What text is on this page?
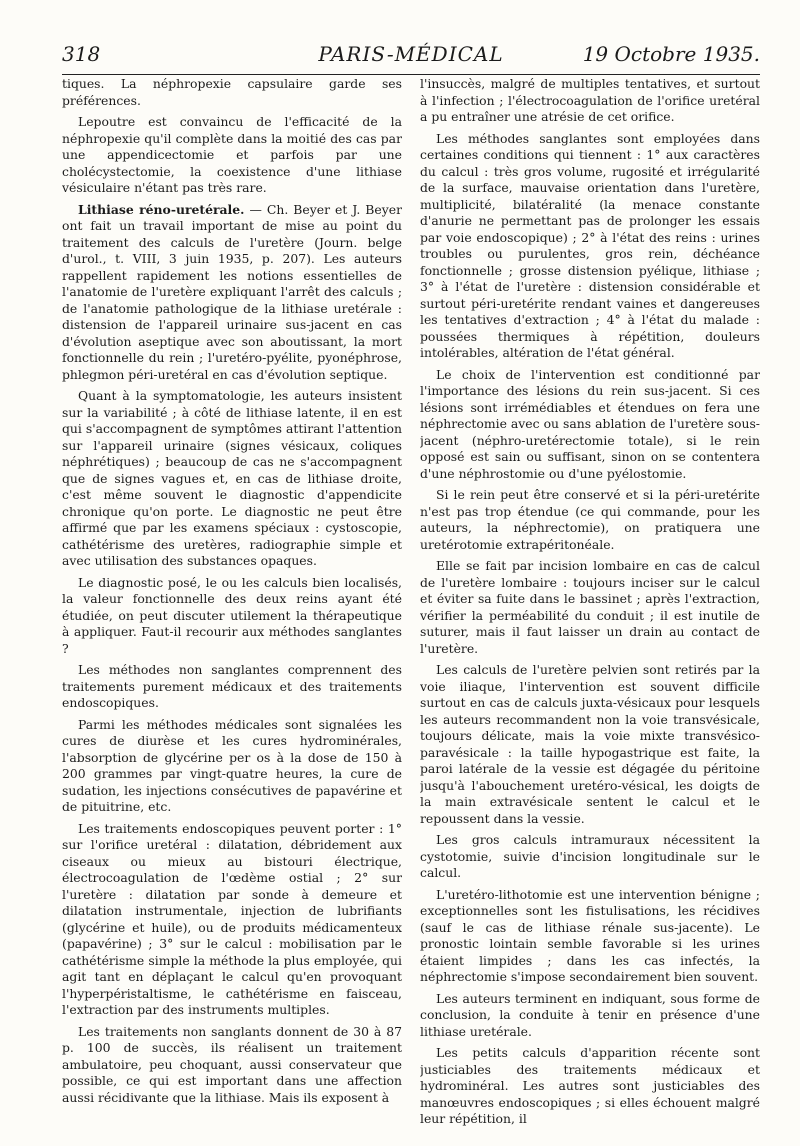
318	PARIS-MÉDICAL	19 Octobre 1935.

tiques. La néphropexie capsulaire garde ses préférences.

Lepoutre est convaincu de l'efficacité de la néphropexie qu'il complète dans la moitié des cas par une appendicectomie et parfois par une cholécystectomie, la coexistence d'une lithiase vésiculaire n'étant pas très rare.

Lithiase réno-uretérale. — Ch. Beyer et J. Beyer ont fait un travail important de mise au point du traitement des calculs de l'uretère (Journ. belge d'urol., t. VIII, 3 juin 1935, p. 207). Les auteurs rappellent rapidement les notions essentielles de l'anatomie de l'uretère expliquant l'arrêt des calculs ; de l'anatomie pathologique de la lithiase uretérale : distension de l'appareil urinaire sus-jacent en cas d'évolution aseptique avec son aboutissant, la mort fonctionnelle du rein ; l'uretéro-pyélite, pyonéphrose, phlegmon péri-uretéral en cas d'évolution septique.

Quant à la symptomatologie, les auteurs insistent sur la variabilité ; à côté de lithiase latente, il en est qui s'accompagnent de symptômes attirant l'attention sur l'appareil urinaire (signes vésicaux, coliques néphrétiques) ; beaucoup de cas ne s'accompagnent que de signes vagues et, en cas de lithiase droite, c'est même souvent le diagnostic d'appendicite chronique qu'on porte. Le diagnostic ne peut être affirmé que par les examens spéciaux : cystoscopie, cathétérisme des uretères, radiographie simple et avec utilisation des substances opaques.

Le diagnostic posé, le ou les calculs bien localisés, la valeur fonctionnelle des deux reins ayant été étudiée, on peut discuter utilement la thérapeutique à appliquer. Faut-il recourir aux méthodes sanglantes ?

Les méthodes non sanglantes comprennent des traitements purement médicaux et des traitements endoscopiques.

Parmi les méthodes médicales sont signalées les cures de diurèse et les cures hydrominérales, l'absorption de glycérine per os à la dose de 150 à 200 grammes par vingt-quatre heures, la cure de sudation, les injections consécutives de papavérine et de pituitrine, etc.

Les traitements endoscopiques peuvent porter : 1° sur l'orifice uretéral : dilatation, débridement aux ciseaux ou mieux au bistouri électrique, électrocoagulation de l'œdème ostial ; 2° sur l'uretère : dilatation par sonde à demeure et dilatation instrumentale, injection de lubrifiants (glycérine et huile), ou de produits médicamenteux (papavérine) ; 3° sur le calcul : mobilisation par le cathétérisme simple la méthode la plus employée, qui agit tant en déplaçant le calcul qu'en provoquant l'hyperpéristaltisme, le cathétérisme en faisceau, l'extraction par des instruments multiples.

Les traitements non sanglants donnent de 30 à 87 p. 100 de succès, ils réalisent un traitement ambulatoire, peu choquant, aussi conservateur que possible, ce qui est important dans une affection aussi récidivante que la lithiase. Mais ils exposent à

l'insuccès, malgré de multiples tentatives, et surtout à l'infection ; l'électrocoagulation de l'orifice uretéral a pu entraîner une atrésie de cet orifice.

Les méthodes sanglantes sont employées dans certaines conditions qui tiennent : 1° aux caractères du calcul : très gros volume, rugosité et irrégularité de la surface, mauvaise orientation dans l'uretère, multiplicité, bilatéralité (la menace constante d'anurie ne permettant pas de prolonger les essais par voie endoscopique) ; 2° à l'état des reins : urines troubles ou purulentes, gros rein, déchéance fonctionnelle ; grosse distension pyélique, lithiase ; 3° à l'état de l'uretère : distension considérable et surtout péri-uretérite rendant vaines et dangereuses les tentatives d'extraction ; 4° à l'état du malade : poussées thermiques à répétition, douleurs intolérables, altération de l'état général.

Le choix de l'intervention est conditionné par l'importance des lésions du rein sus-jacent. Si ces lésions sont irrémédiables et étendues on fera une néphrectomie avec ou sans ablation de l'uretère sous-jacent (néphro-uretérectomie totale), si le rein opposé est sain ou suffisant, sinon on se contentera d'une néphrostomie ou d'une pyélostomie.

Si le rein peut être conservé et si la péri-uretérite n'est pas trop étendue (ce qui commande, pour les auteurs, la néphrectomie), on pratiquera une uretérotomie extrapéritonéale.

Elle se fait par incision lombaire en cas de calcul de l'uretère lombaire : toujours inciser sur le calcul et éviter sa fuite dans le bassinet ; après l'extraction, vérifier la perméabilité du conduit ; il est inutile de suturer, mais il faut laisser un drain au contact de l'uretère.

Les calculs de l'uretère pelvien sont retirés par la voie iliaque, l'intervention est souvent difficile surtout en cas de calculs juxta-vésicaux pour lesquels les auteurs recommandent non la voie transvésicale, toujours délicate, mais la voie mixte transvésico-paravésicale : la taille hypogastrique est faite, la paroi latérale de la vessie est dégagée du péritoine jusqu'à l'abouchement uretéro-vésical, les doigts de la main extravésicale sentent le calcul et le repoussent dans la vessie.

Les gros calculs intramuraux nécessitent la cystotomie, suivie d'incision longitudinale sur le calcul.

L'uretéro-lithotomie est une intervention bénigne ; exceptionnelles sont les fistulisations, les récidives (sauf le cas de lithiase rénale sus-jacente). Le pronostic lointain semble favorable si les urines étaient limpides ; dans les cas infectés, la néphrectomie s'impose secondairement bien souvent.

Les auteurs terminent en indiquant, sous forme de conclusion, la conduite à tenir en présence d'une lithiase uretérale.

Les petits calculs d'apparition récente sont justiciables des traitements médicaux et hydrominéral. Les autres sont justiciables des manœuvres endoscopiques ; si elles échouent malgré leur répétition, il
